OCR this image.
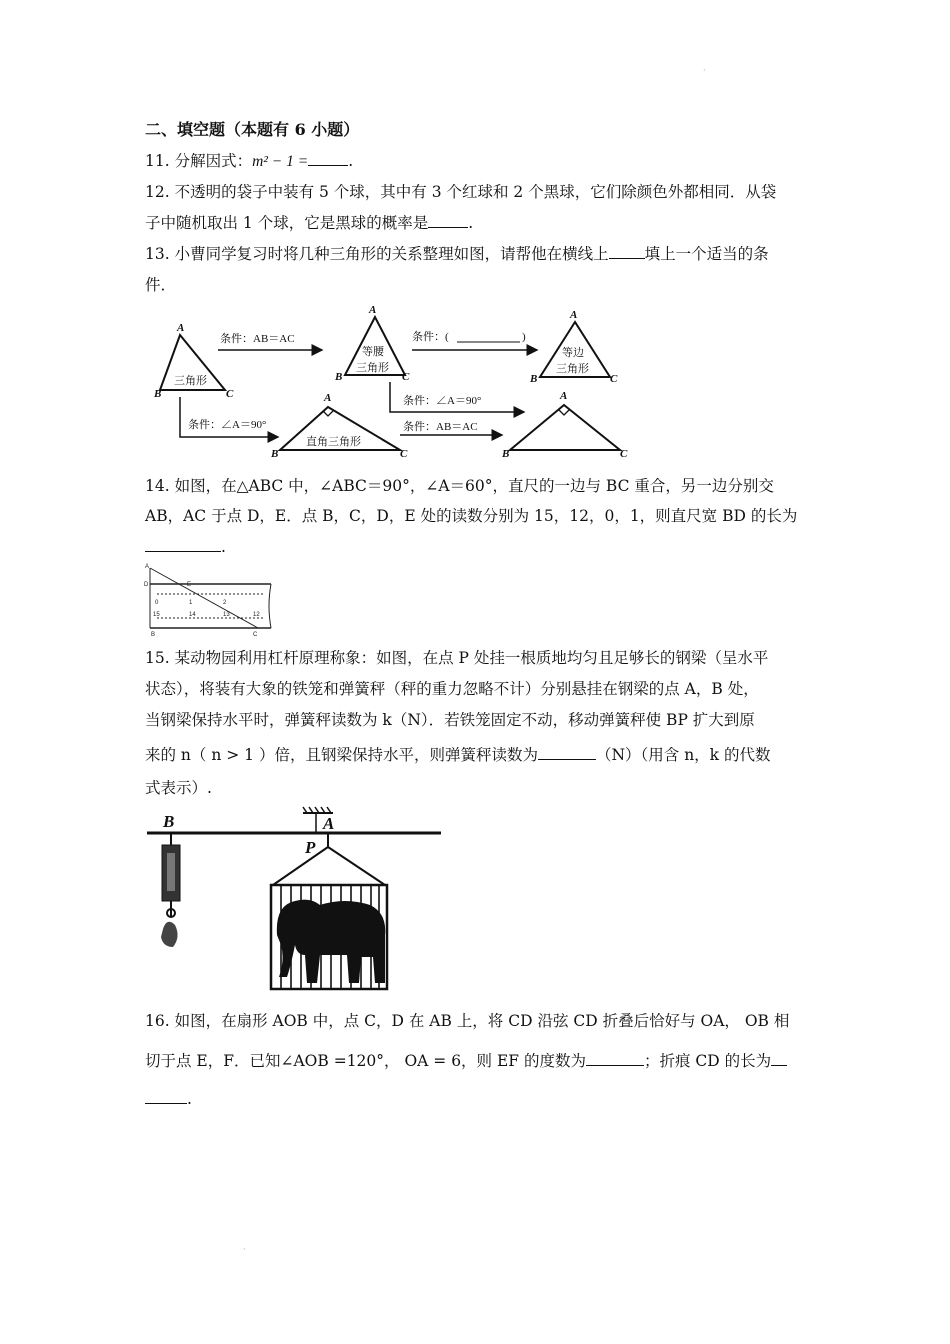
·
二、填空题（本题有 6 小题）
11. 分解因式：m² − 1 =	.
12. 不透明的袋子中装有 5 个球，其中有 3 个红球和 2 个黑球，它们除颜色外都相同．从袋
子中随机取出 1 个球，它是黑球的概率是	.
13. 小曹同学复习时将几种三角形的关系整理如图，请帮他在横线上 填上一个适当的条
件．
A
B	C
三角形
条件：AB＝AC
A
B	C
等腰
三角形
条件：(	)
A
B	C
等边
三角形
条件：∠A＝90°
条件：∠A＝90°
A
B	C
直角三角形
条件：AB＝AC
A
B	C
14. 如图，在△ABC 中，∠ABC＝90°，∠A＝60°，直尺的一边与 BC 重合，另一边分别交
AB，AC 于点 D，E．点 B，C，D，E 处的读数分别为 15，12，0，1，则直尺宽 BD 的长为
.
A
D	E
B	C
0	1	2
15	14	13	12
15. 某动物园利用杠杆原理称象：如图，在点 P 处挂一根质地均匀且足够长的钢梁（呈水平
状态），将装有大象的铁笼和弹簧秤（秤的重力忽略不计）分别悬挂在钢梁的点 A，B 处，
当钢梁保持水平时，弹簧秤读数为 k（N）．若铁笼固定不动，移动弹簧秤使 BP 扩大到原
来的 n（ n > 1 ）倍，且钢梁保持水平，则弹簧秤读数为	（N）（用含 n，k 的代数
式表示）.
B	A
P
16. 如图，在扇形 AOB 中，点 C，D 在 AB 上，将 CD 沿弦 CD 折叠后恰好与 OA， OB 相
切于点 E，F．已知∠AOB =120°， OA = 6，则 EF 的度数为	；折痕 CD 的长为
.
·
